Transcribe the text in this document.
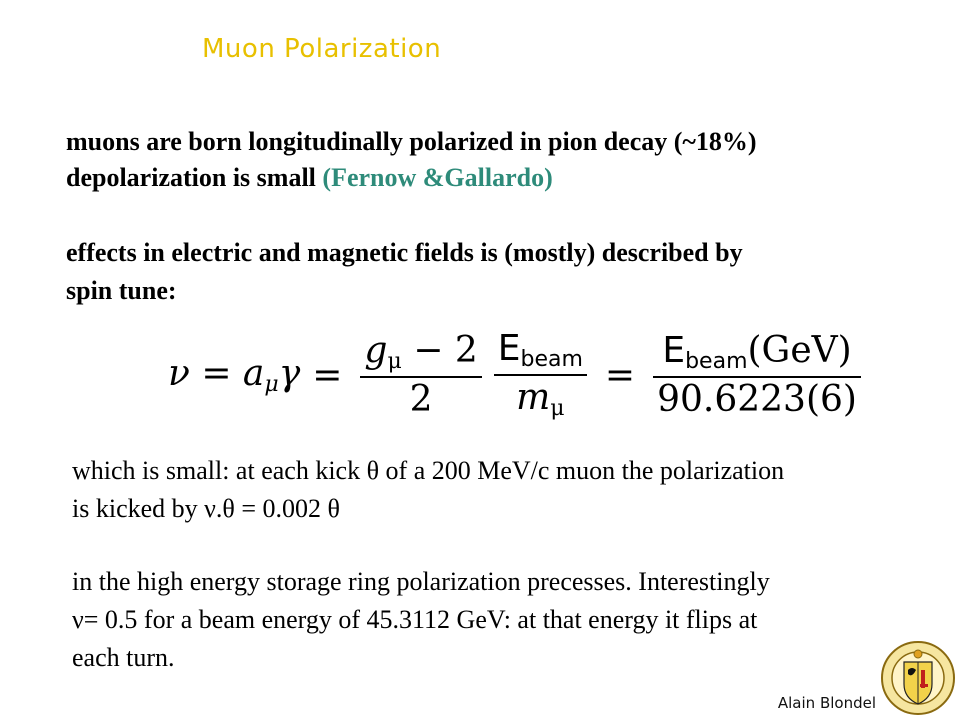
Muon Polarization
muons are born longitudinally polarized in pion decay (~18%)
depolarization is small (Fernow &Gallardo)
effects in electric and magnetic fields is (mostly) described by
spin tune:
$\nu = a_\mu\gamma = \frac{g_\mu - 2}{2} \frac{E_{beam}}{m_\mu} = \frac{E_{beam}(GeV)}{90.6223(6)}$
which is small: at each kick θ of a 200 MeV/c muon the polarization
is kicked by ν.θ = 0.002 θ
in the high energy storage ring polarization precesses. Interestingly
ν= 0.5 for a beam energy of 45.3112 GeV: at that energy it flips at
each turn.
Alain Blondel
